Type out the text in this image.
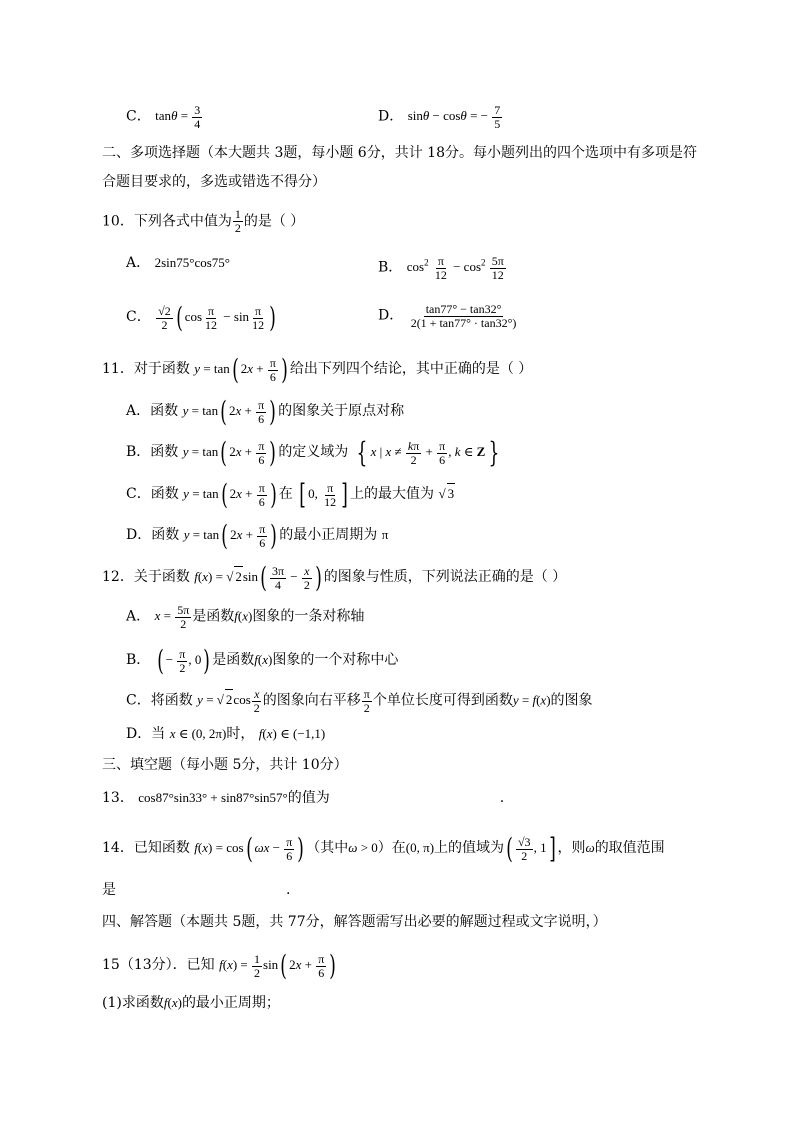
C． $\tan\theta = \frac{3}{4}$	D． sinθ − cosθ = − $\frac{7}{5}$
二、多项选择题（本大题共 3题，每小题 6分，共计 18分。每小题列出的四个选项中有多项是符
合题目要求的，多选或错选不得分）
10．下列各式中值为 $\frac{1}{2}$ 的是（ ）
A． 2sin75°cos75°	B． $\cos^2 \frac{\pi}{12} - \cos^2 \frac{5\pi}{12}$
C． $\frac{√2}{2}$ ( $\cos \frac{\pi}{12} - \sin \frac{\pi}{12}$ )	D． $\frac{\tan 77^\circ - \tan 32^\circ}{2(1 + \tan 77^\circ \cdot \tan 32^\circ)}$
11．对于函数 y = tan( $2x + \frac{\pi}{6}$ ) 给出下列四个结论，其中正确的是（ ）
A．函数 y = tan( $2x + \frac{\pi}{6}$ ) 的图象关于原点对称
B．函数 y = tan( $2x + \frac{\pi}{6}$ ) 的定义域为 { x | $x \ne \frac{k\pi}{2} + \frac{\pi}{6}$ , k ∈ Z }
C．函数 y = tan( $2x + \frac{\pi}{6}$ ) 在 [ 0, $\frac{\pi}{12}$ ] 上的最大值为 √ 3
D．函数 y = tan( $2x + \frac{\pi}{6}$ ) 的最小正周期为 π
12．关于函数 f(x) = √ $2\sin( \frac{3\pi}{4} - \frac{x}{2}$ ) 的图象与性质，下列说法正确的是（ ）
A． $x = \frac{5\pi}{2}$ 是函数f(x)图象的一条对称轴
B． ( − $\frac{\pi}{2}$ , 0) 是函数f(x)图象的一个对称中心
C．将函数 y = √ $2\cos \frac{x}{2}$ 的图象向右平移 $\frac{\pi}{2}$ 个单位长度可得到函数y = f(x)的图象
D．当 x ∈ (0, 2π)时， f(x) ∈ (−1,1)
三、填空题（每小题 5分，共计 10分）
13． cos87°sin33° + sin87°sin57°的值为	.
14．已知函数 f(x) = cos( $\omega x - \frac{\pi}{6}$ ) （其中ω > 0）在(0, π)上的值域为( $\frac{√3}{2}$ , 1] ，则ω的取值范围
是	.
四、解答题（本题共 5题，共 77分，解答题需写出必要的解题过程或文字说明，）
15（13分）．已知 $f(x) = \frac{1}{2} \sin$( $2x + \frac{\pi}{6}$ )
(1)求函数f(x)的最小正周期；
